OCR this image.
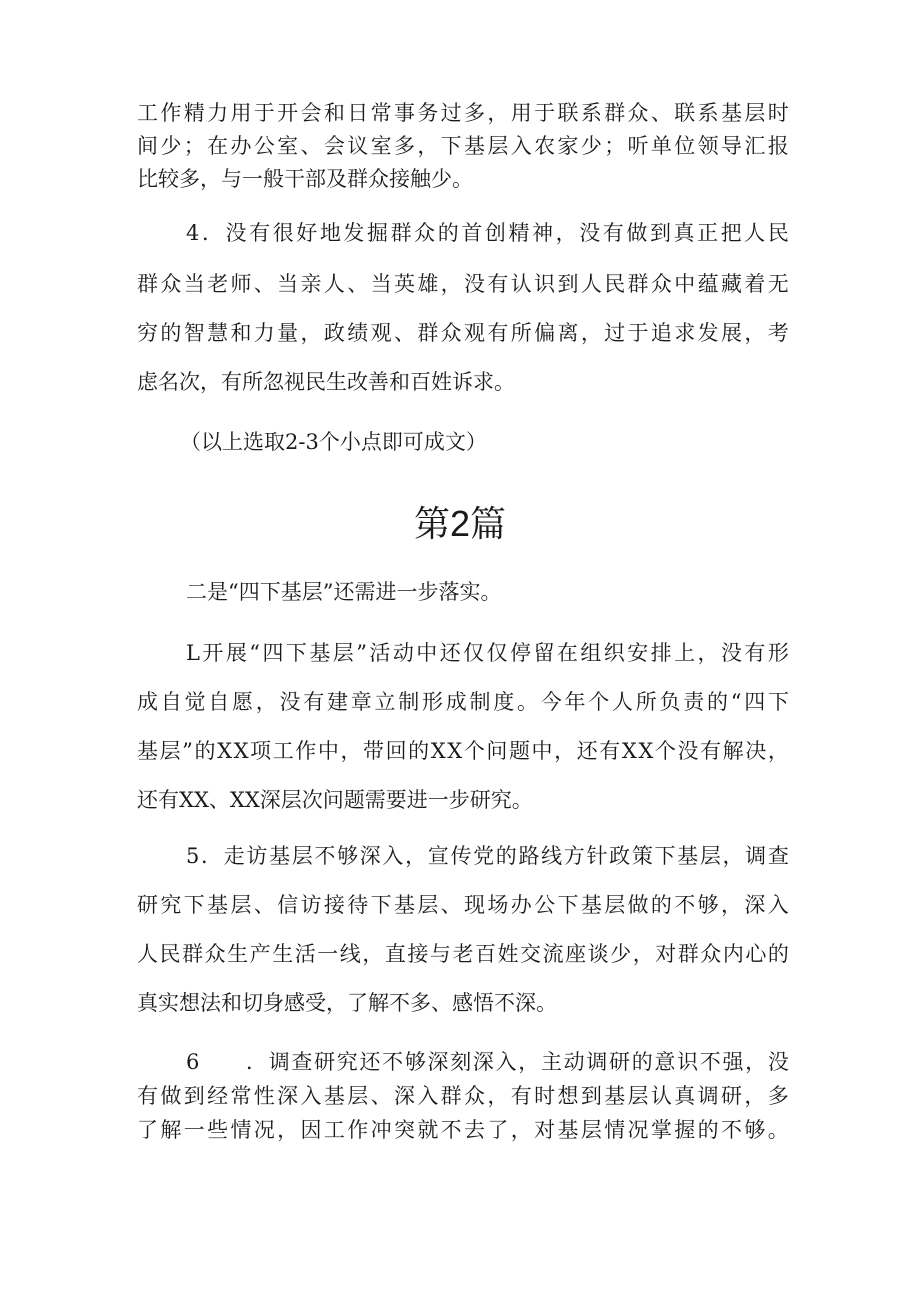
工 作 精 力 用 于 开 会 和 日 常 事 务 过 多 ， 用 于 联 系 群 众 、 联 系 基 层 时
间 少 ； 在 办 公 室 、 会 议 室 多 ， 下 基 层 入 农 家 少 ； 听 单 位 领 导 汇 报
比较多，与一般干部及群众接触少。
4 ． 没 有 很 好 地 发 掘 群 众 的 首 创 精 神 ， 没 有 做 到 真 正 把 人 民
群 众 当 老 师 、 当 亲 人 、 当 英 雄 ， 没 有 认 识 到 人 民 群 众 中 蕴 藏 着 无
穷 的 智 慧 和 力 量 ， 政 绩 观 、 群 众 观 有 所 偏 离 ， 过 于 追 求 发 展 ， 考
虑名次，有所忽视民生改善和百姓诉求。
（以上选取2-3个小点即可成文）
第2篇
二是“四下基层”还需进一步落实。
L 开 展 “ 四 下 基 层 ” 活 动 中 还 仅 仅 停 留 在 组 织 安 排 上 ， 没 有 形
成 自 觉 自 愿 ， 没 有 建 章 立 制 形 成 制 度 。 今 年 个 人 所 负 责 的 “ 四 下
基 层 ” 的 X X 项 工 作 中 ， 带 回 的 X X 个 问 题 中 ， 还 有 X X 个 没 有 解 决 ，
还有XX、XX深层次问题需要进一步研究。
5 ． 走 访 基 层 不 够 深 入 ， 宣 传 党 的 路 线 方 针 政 策 下 基 层 ， 调 查
研 究 下 基 层 、 信 访 接 待 下 基 层 、 现 场 办 公 下 基 层 做 的 不 够 ， 深 入
人 民 群 众 生 产 生 活 一 线 ， 直 接 与 老 百 姓 交 流 座 谈 少 ， 对 群 众 内 心 的
真实想法和切身感受，了解不多、感悟不深。
6	． 调 查 研 究 还 不 够 深 刻 深 入 ， 主 动 调 研 的 意 识 不 强 ， 没
有 做 到 经 常 性 深 入 基 层 、 深 入 群 众 ， 有 时 想 到 基 层 认 真 调 研 ， 多
了 解 一 些 情 况 ， 因 工 作 冲 突 就 不 去 了 ， 对 基 层 情 况 掌 握 的 不 够 。
